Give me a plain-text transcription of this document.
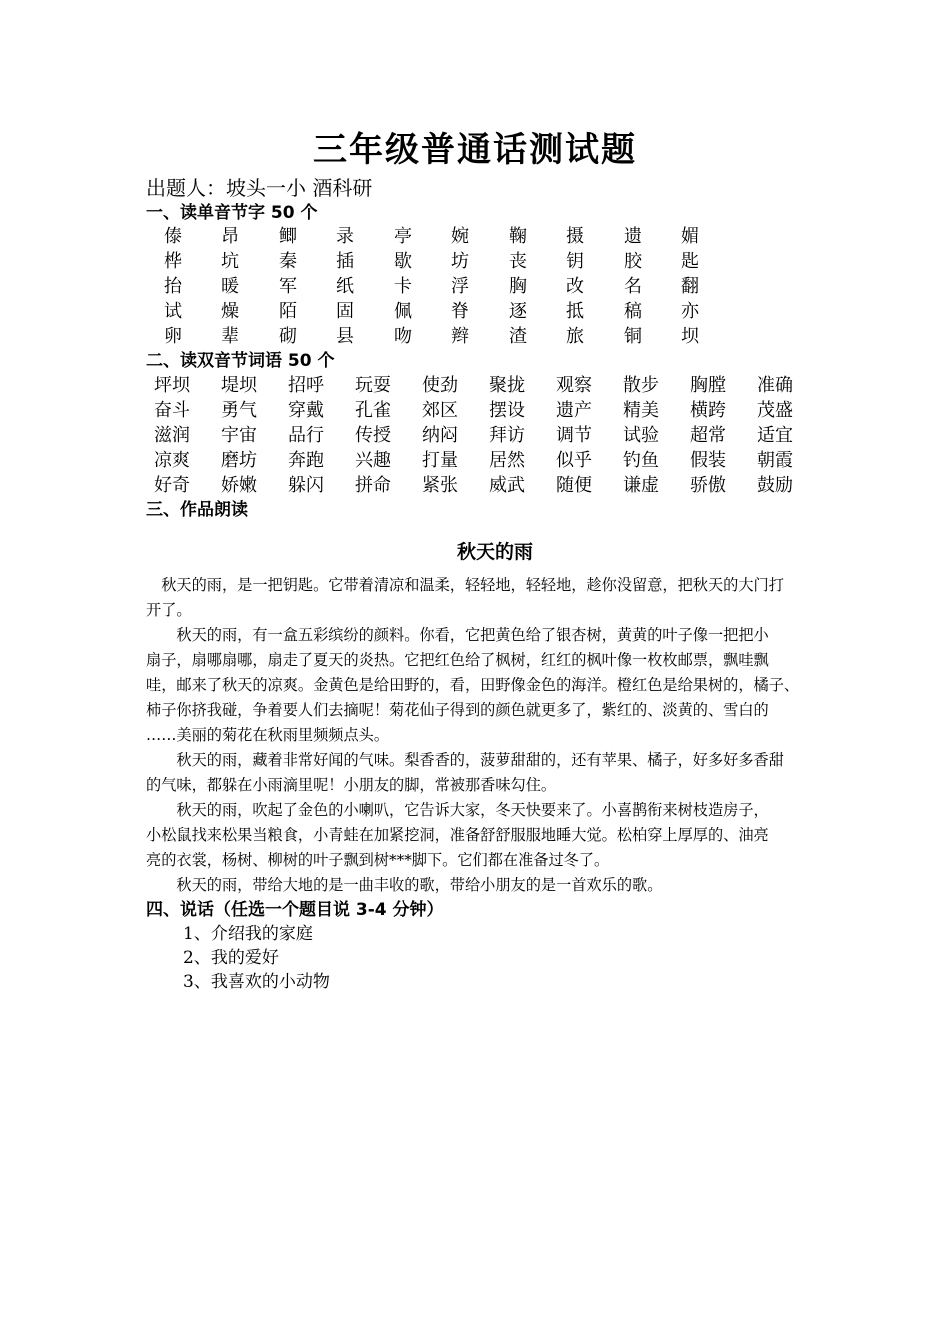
三年级普通话测试题
出题人：坡头一小 酒科研
一、读单音节字 50 个
傣 昂 鲫 录 亭 婉 鞠 摄 遗 媚
桦 坑 秦 插 歇 坊 丧 钥 胶 匙
抬 暖 军 纸 卡 浮 胸 改 名 翻
试 燥 陌 固 佩 脊 逐 抵 稿 亦
卵 辈 砌 县 吻 辫 渣 旅 铜 坝
二、读双音节词语 50 个
坪坝 堤坝 招呼 玩耍 使劲 聚拢 观察 散步 胸膛 准确
奋斗 勇气 穿戴 孔雀 郊区 摆设 遗产 精美 横跨 茂盛
滋润 宇宙 品行 传授 纳闷 拜访 调节 试验 超常 适宜
凉爽 磨坊 奔跑 兴趣 打量 居然 似乎 钓鱼 假装 朝霞
好奇 娇嫩 躲闪 拼命 紧张 威武 随便 谦虚 骄傲 鼓励
三、作品朗读
秋天的雨

　秋天的雨，是一把钥匙。它带着清凉和温柔，轻轻地，轻轻地，趁你没留意，把秋天的大门打

开了。

　　秋天的雨，有一盒五彩缤纷的颜料。你看，它把黄色给了银杏树，黄黄的叶子像一把把小

扇子，扇哪扇哪，扇走了夏天的炎热。它把红色给了枫树，红红的枫叶像一枚枚邮票，飘哇飘

哇，邮来了秋天的凉爽。金黄色是给田野的，看，田野像金色的海洋。橙红色是给果树的，橘子、

柿子你挤我碰，争着要人们去摘呢！菊花仙子得到的颜色就更多了，紫红的、淡黄的、雪白的

……美丽的菊花在秋雨里频频点头。

　　秋天的雨，藏着非常好闻的气味。梨香香的，菠萝甜甜的，还有苹果、橘子，好多好多香甜

的气味，都躲在小雨滴里呢！小朋友的脚，常被那香味勾住。

　　秋天的雨，吹起了金色的小喇叭，它告诉大家，冬天快要来了。小喜鹊衔来树枝造房子，

小松鼠找来松果当粮食，小青蛙在加紧挖洞，准备舒舒服服地睡大觉。松柏穿上厚厚的、油亮

亮的衣裳，杨树、柳树的叶子飘到树***脚下。它们都在准备过冬了。

　　秋天的雨，带给大地的是一曲丰收的歌，带给小朋友的是一首欢乐的歌。

四、说话（任选一个题目说 3-4 分钟）
1、介绍我的家庭
2、我的爱好
3、我喜欢的小动物
